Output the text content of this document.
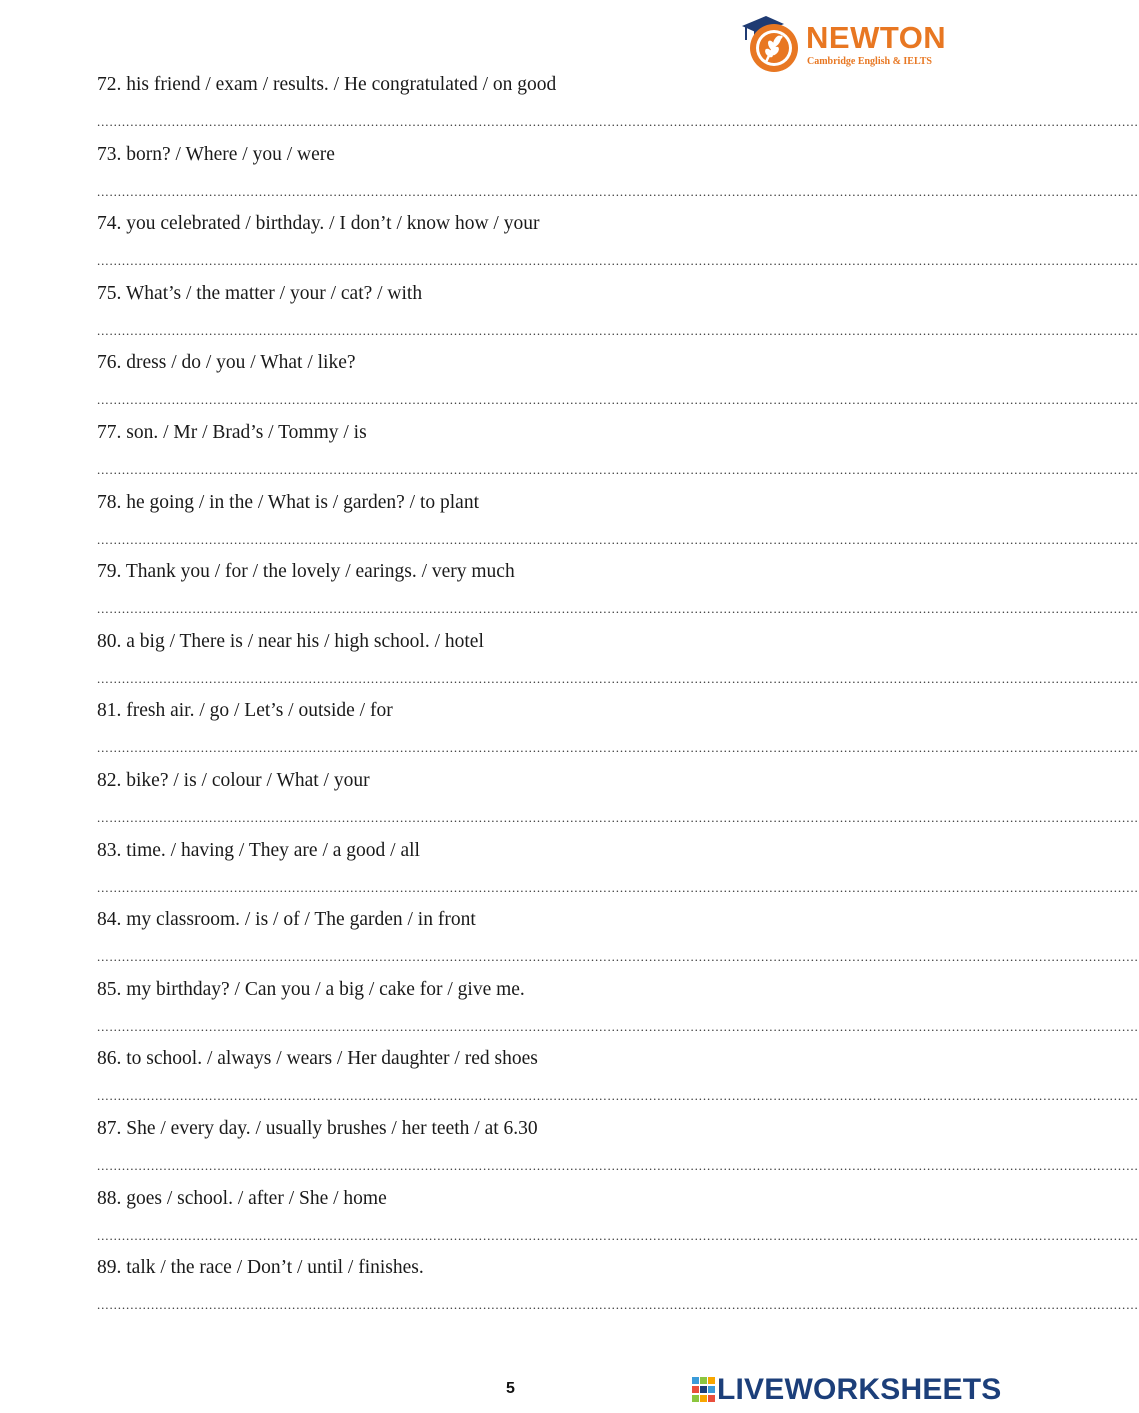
NEWTON
Cambridge English & IELTS
72. his friend / exam / results. / He congratulated / on good
...........................................................................................................................................................................................................................................................
73. born? / Where / you / were
...........................................................................................................................................................................................................................................................
74. you celebrated / birthday. / I don’t / know how / your
...........................................................................................................................................................................................................................................................
75. What’s / the matter / your / cat? / with
...........................................................................................................................................................................................................................................................
76. dress / do / you / What / like?
...........................................................................................................................................................................................................................................................
77. son. / Mr / Brad’s / Tommy / is
...........................................................................................................................................................................................................................................................
78. he going / in the / What is / garden? / to plant
...........................................................................................................................................................................................................................................................
79. Thank you / for / the lovely / earings. / very much
...........................................................................................................................................................................................................................................................
80. a big / There is / near his / high school. / hotel
...........................................................................................................................................................................................................................................................
81. fresh air. / go / Let’s / outside / for
...........................................................................................................................................................................................................................................................
82. bike? / is / colour / What / your
...........................................................................................................................................................................................................................................................
83. time. / having / They are / a good / all
...........................................................................................................................................................................................................................................................
84. my classroom. / is / of / The garden / in front
...........................................................................................................................................................................................................................................................
85. my birthday? / Can you / a big / cake for / give me.
...........................................................................................................................................................................................................................................................
86. to school. / always / wears / Her daughter / red shoes
...........................................................................................................................................................................................................................................................
87. She / every day. / usually brushes / her teeth / at 6.30
...........................................................................................................................................................................................................................................................
88. goes / school. / after / She / home
...........................................................................................................................................................................................................................................................
89. talk / the race / Don’t / until / finishes.
...........................................................................................................................................................................................................................................................
5	LIVEWORKSHEETS
